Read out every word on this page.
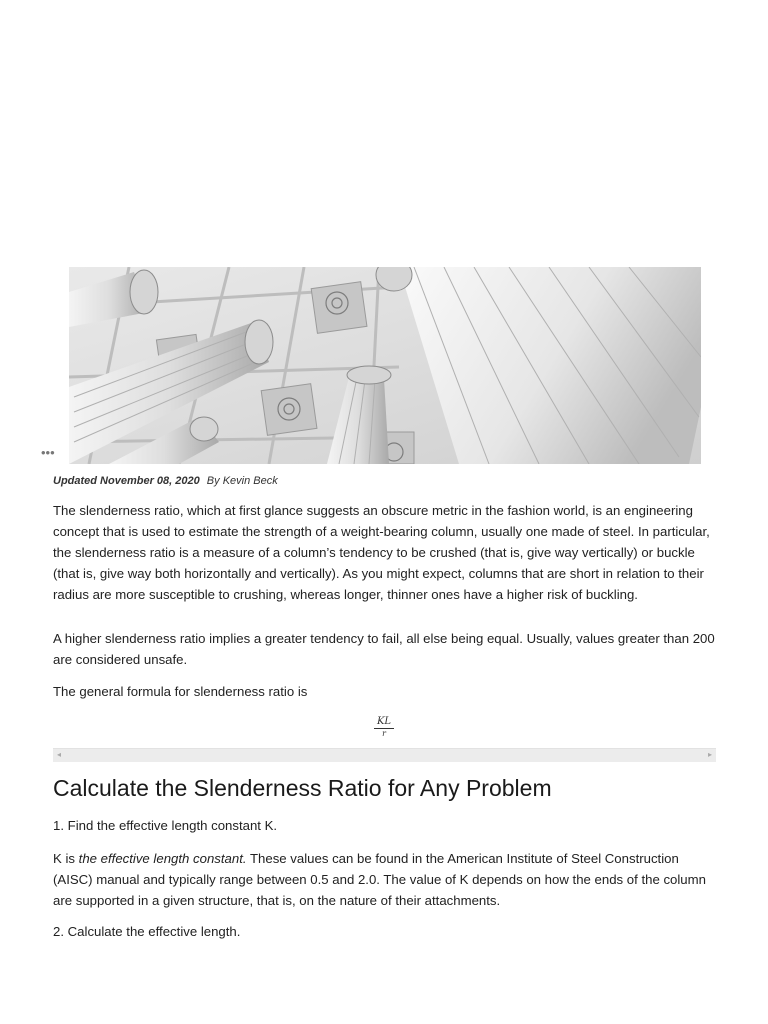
•••
Updated November 08, 2020 By Kevin Beck

The slenderness ratio, which at first glance suggests an obscure metric in the fashion world, is an engineering concept that is used to estimate the strength of a weight-bearing column, usually one made of steel. In particular, the slenderness ratio is a measure of a column’s tendency to be crushed (that is, give way vertically) or buckle (that is, give way both horizontally and vertically). As you might expect, columns that are short in relation to their radius are more susceptible to crushing, whereas longer, thinner ones have a higher risk of buckling.

A higher slenderness ratio implies a greater tendency to fail, all else being equal. Usually, values greater than 200 are considered unsafe.

The general formula for slenderness ratio is

KL
r
◂	▸
Calculate the Slenderness Ratio for Any Problem

1. Find the effective length constant K.

K is the effective length constant. These values can be found in the American Institute of Steel Construction (AISC) manual and typically range between 0.5 and 2.0. The value of K depends on how the ends of the column are supported in a given structure, that is, on the nature of their attachments.

2. Calculate the effective length.
